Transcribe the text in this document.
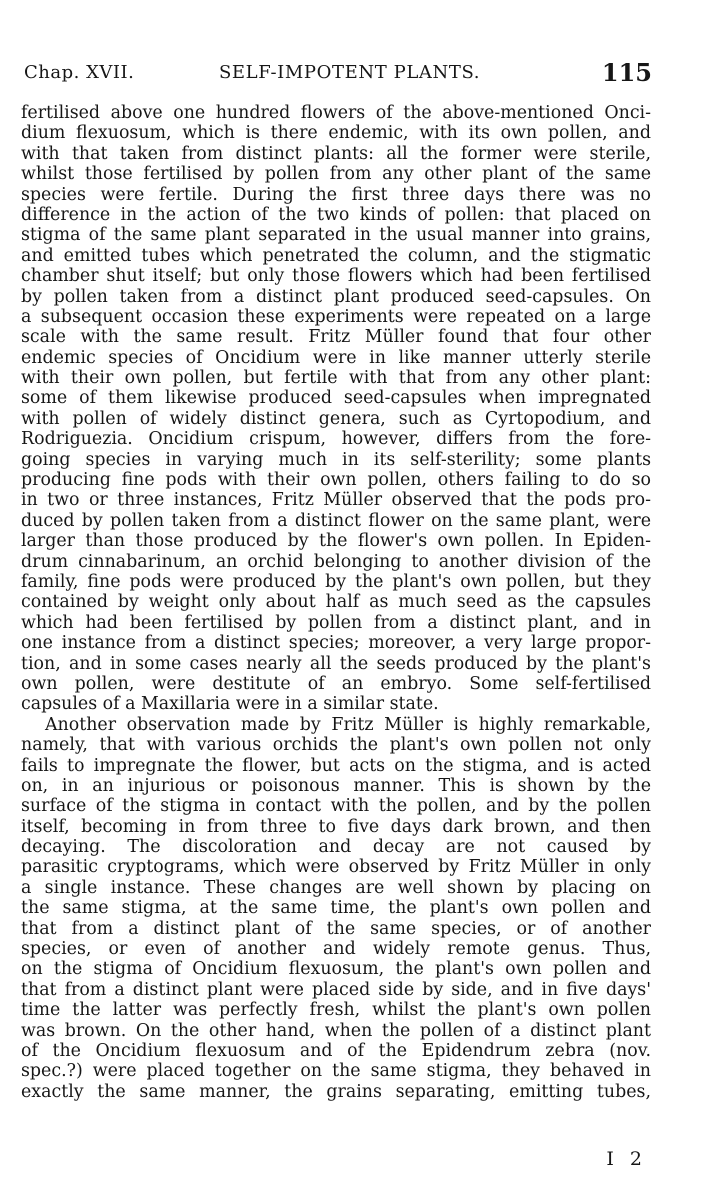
Chap. XVII.	SELF-IMPOTENT PLANTS.	115
fertilised above one hundred flowers of the above-mentioned Onci-
dium flexuosum, which is there endemic, with its own pollen, and
with that taken from distinct plants: all the former were sterile,
whilst those fertilised by pollen from any other plant of the same
species were fertile. During the first three days there was no
difference in the action of the two kinds of pollen: that placed on
stigma of the same plant separated in the usual manner into grains,
and emitted tubes which penetrated the column, and the stigmatic
chamber shut itself; but only those flowers which had been fertilised
by pollen taken from a distinct plant produced seed-capsules. On
a subsequent occasion these experiments were repeated on a large
scale with the same result. Fritz Müller found that four other
endemic species of Oncidium were in like manner utterly sterile
with their own pollen, but fertile with that from any other plant:
some of them likewise produced seed-capsules when impregnated
with pollen of widely distinct genera, such as Cyrtopodium, and
Rodriguezia. Oncidium crispum, however, differs from the fore-
going species in varying much in its self-sterility; some plants
producing fine pods with their own pollen, others failing to do so
in two or three instances, Fritz Müller observed that the pods pro-
duced by pollen taken from a distinct flower on the same plant, were
larger than those produced by the flower's own pollen. In Epiden-
drum cinnabarinum, an orchid belonging to another division of the
family, fine pods were produced by the plant's own pollen, but they
contained by weight only about half as much seed as the capsules
which had been fertilised by pollen from a distinct plant, and in
one instance from a distinct species; moreover, a very large propor-
tion, and in some cases nearly all the seeds produced by the plant's
own pollen, were destitute of an embryo. Some self-fertilised
capsules of a Maxillaria were in a similar state.
Another observation made by Fritz Müller is highly remarkable,
namely, that with various orchids the plant's own pollen not only
fails to impregnate the flower, but acts on the stigma, and is acted
on, in an injurious or poisonous manner. This is shown by the
surface of the stigma in contact with the pollen, and by the pollen
itself, becoming in from three to five days dark brown, and then
decaying. The discoloration and decay are not caused by
parasitic cryptograms, which were observed by Fritz Müller in only
a single instance. These changes are well shown by placing on
the same stigma, at the same time, the plant's own pollen and
that from a distinct plant of the same species, or of another
species, or even of another and widely remote genus. Thus,
on the stigma of Oncidium flexuosum, the plant's own pollen and
that from a distinct plant were placed side by side, and in five days'
time the latter was perfectly fresh, whilst the plant's own pollen
was brown. On the other hand, when the pollen of a distinct plant
of the Oncidium flexuosum and of the Epidendrum zebra (nov.
spec.?) were placed together on the same stigma, they behaved in
exactly the same manner, the grains separating, emitting tubes,
I 2
